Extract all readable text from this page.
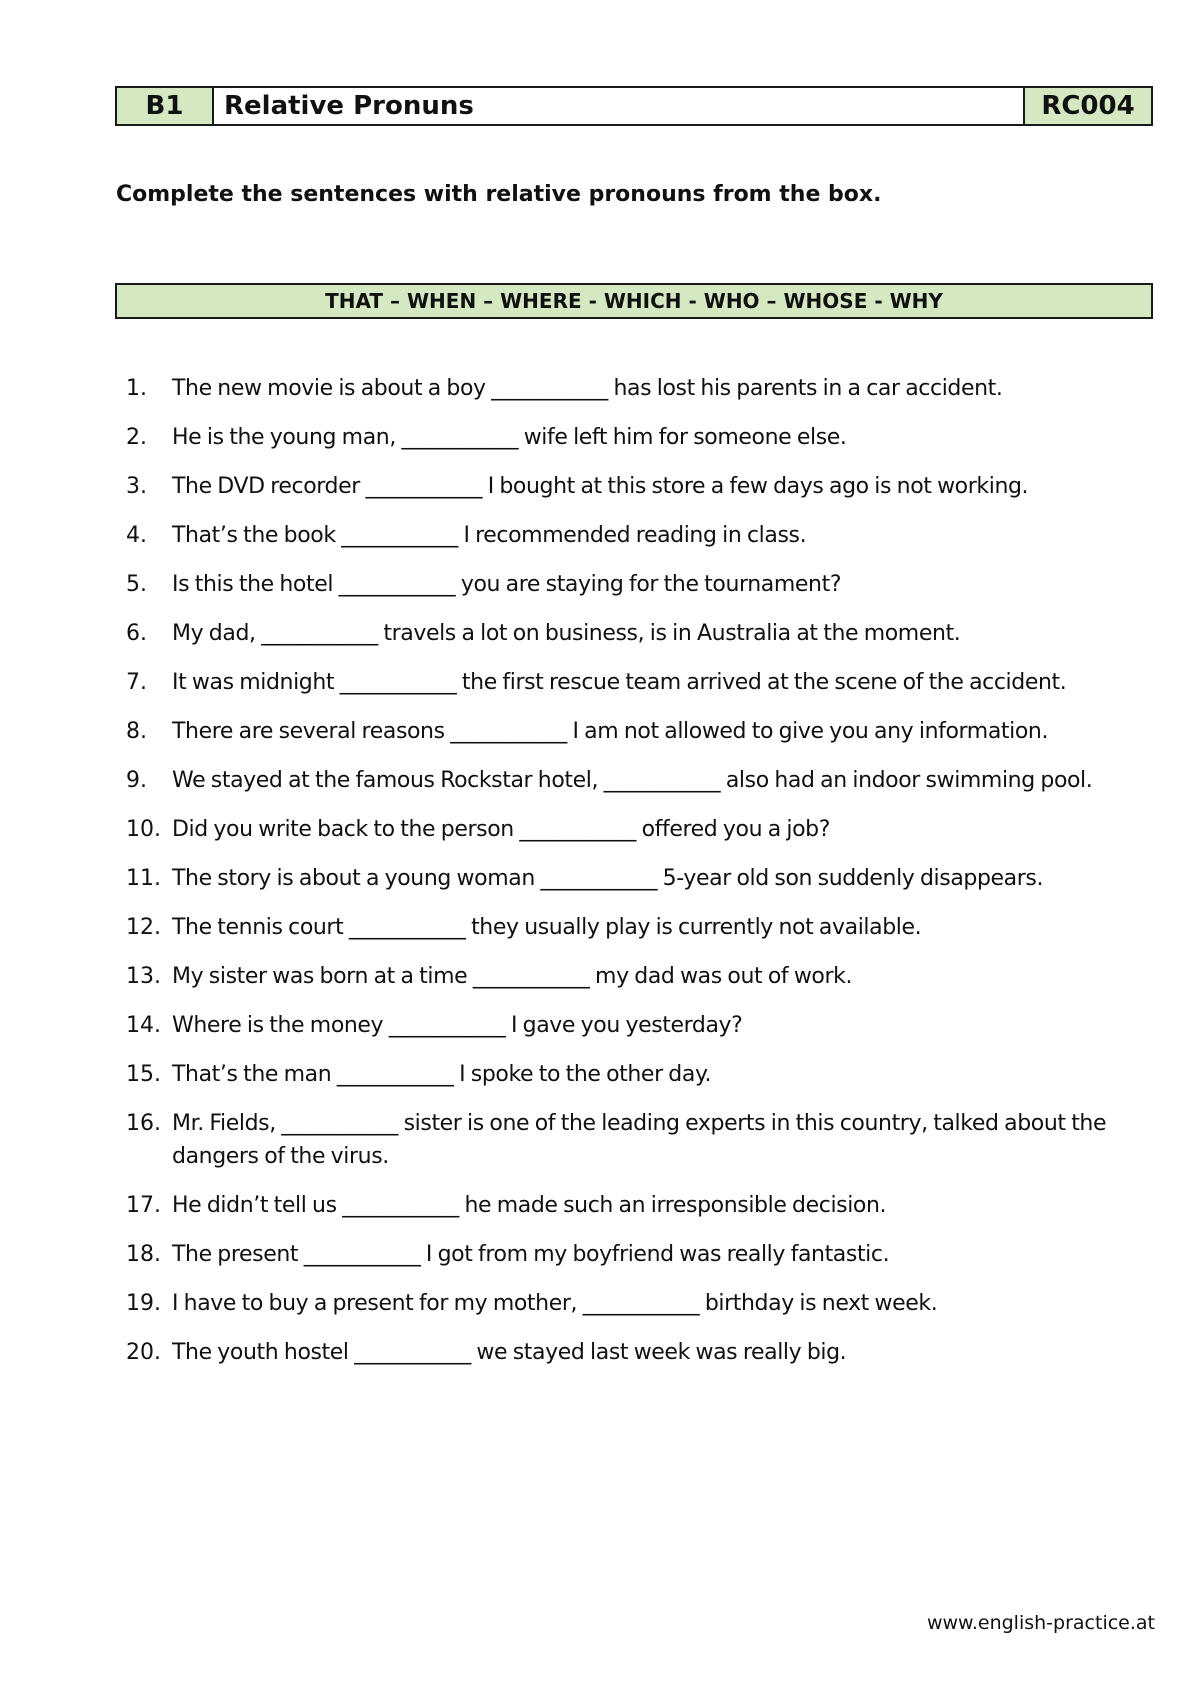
B1	Relative Pronuns	RC004
Complete the sentences with relative pronouns from the box.
THAT – WHEN – WHERE - WHICH - WHO – WHOSE - WHY
1.	The new movie is about a boy ___________ has lost his parents in a car accident.
2.	He is the young man, ___________ wife left him for someone else.
3.	The DVD recorder ___________ I bought at this store a few days ago is not working.
4.	That’s the book ___________ I recommended reading in class.
5.	Is this the hotel ___________ you are staying for the tournament?
6.	My dad, ___________ travels a lot on business, is in Australia at the moment.
7.	It was midnight ___________ the first rescue team arrived at the scene of the accident.
8.	There are several reasons ___________ I am not allowed to give you any information.
9.	We stayed at the famous Rockstar hotel, ___________ also had an indoor swimming pool.
10. Did you write back to the person ___________ offered you a job?
11. The story is about a young woman ___________ 5-year old son suddenly disappears.
12. The tennis court ___________ they usually play is currently not available.
13. My sister was born at a time ___________ my dad was out of work.
14. Where is the money ___________ I gave you yesterday?
15. That’s the man ___________ I spoke to the other day.
16. Mr. Fields, ___________ sister is one of the leading experts in this country, talked about the dangers of the virus.
17. He didn’t tell us ___________ he made such an irresponsible decision.
18. The present ___________ I got from my boyfriend was really fantastic.
19. I have to buy a present for my mother, ___________ birthday is next week.
20. The youth hostel ___________ we stayed last week was really big.
www.english-practice.at
